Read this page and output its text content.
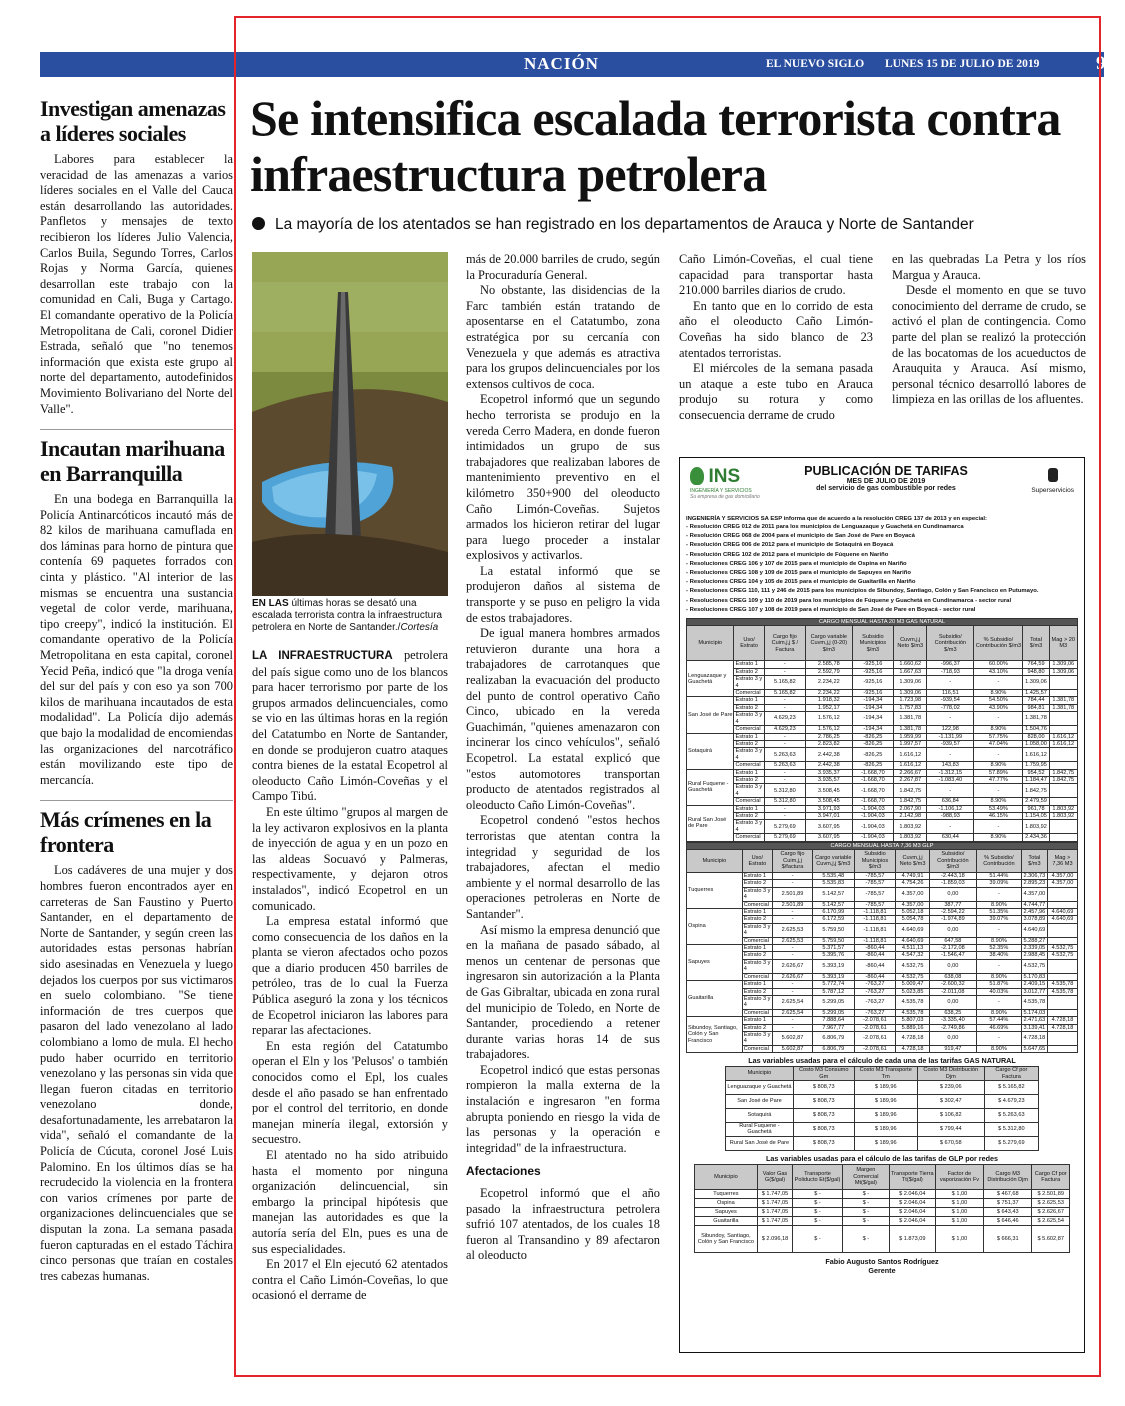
NACIÓN	EL NUEVO SIGLO LUNES 15 DE JULIO DE 2019	9B
Investigan amenazas a líderes sociales

Labores para establecer la veracidad de las amenazas a varios líderes sociales en el Valle del Cauca están desarrollando las autoridades. Panfletos y mensajes de texto recibieron los líderes Julio Valencia, Carlos Buila, Segundo Torres, Carlos Rojas y Norma García, quienes desarrollan este trabajo con la comunidad en Cali, Buga y Cartago. El comandante operativo de la Policía Metropolitana de Cali, coronel Didier Estrada, señaló que "no tenemos información que exista este grupo al norte del departamento, autodefinidos Movimiento Bolivariano del Norte del Valle".

Incautan marihuana en Barranquilla

En una bodega en Barranquilla la Policía Antinarcóticos incautó más de 82 kilos de marihuana camuflada en dos láminas para horno de pintura que contenía 69 paquetes forrados con cinta y plástico. "Al interior de las mismas se encuentra una sustancia vegetal de color verde, marihuana, tipo creepy", indicó la institución. El comandante operativo de la Policía Metropolitana en esta capital, coronel Yecid Peña, indicó que "la droga venía del sur del país y con eso ya son 700 kilos de marihuana incautados de esta modalidad". La Policía dijo además que bajo la modalidad de encomiendas las organizaciones del narcotráfico están movilizando este tipo de mercancía.

Más crímenes en la frontera

Los cadáveres de una mujer y dos hombres fueron encontrados ayer en carreteras de San Faustino y Puerto Santander, en el departamento de Norte de Santander, y según creen las autoridades estas personas habrían sido asesinadas en Venezuela y luego dejados los cuerpos por sus victimaros en suelo colombiano. "Se tiene información de tres cuerpos que pasaron del lado venezolano al lado colombiano a lomo de mula. El hecho pudo haber ocurrido en territorio venezolano y las personas sin vida que llegan fueron citadas en territorio venezolano donde, desafortunadamente, les arrebataron la vida", señaló el comandante de la Policía de Cúcuta, coronel José Luis Palomino. En los últimos días se ha recrudecido la violencia en la frontera con varios crímenes por parte de organizaciones delincuenciales que se disputan la zona. La semana pasada fueron capturadas en el estado Táchira cinco personas que traían en costales tres cabezas humanas.

Se intensifica escalada terrorista contra infraestructura petrolera
La mayoría de los atentados se han registrado en los departamentos de Arauca y Norte de Santander
EN LAS últimas horas se desató una escalada terrorista contra la infraestructura petrolera en Norte de Santander./Cortesía

LA INFRAESTRUCTURA petrolera del país sigue como uno de los blancos para hacer terrorismo por parte de los grupos armados delincuenciales, como se vio en las últimas horas en la región del Catatumbo en Norte de Santander, en donde se produjeron cuatro ataques contra bienes de la estatal Ecopetrol al oleoducto Caño Limón-Coveñas y el Campo Tibú.

En este último "grupos al margen de la ley activaron explosivos en la planta de inyección de agua y en un pozo en las aldeas Socuavó y Palmeras, respectivamente, y dejaron otros instalados", indicó Ecopetrol en un comunicado.

La empresa estatal informó que como consecuencia de los daños en la planta se vieron afectados ocho pozos que a diario producen 450 barriles de petróleo, tras de lo cual la Fuerza Pública aseguró la zona y los técnicos de Ecopetrol iniciaron las labores para reparar las afectaciones.

En esta región del Catatumbo operan el Eln y los 'Pelusos' o también conocidos como el Epl, los cuales desde el año pasado se han enfrentado por el control del territorio, en donde manejan minería ilegal, extorsión y secuestro.

El atentado no ha sido atribuido hasta el momento por ninguna organización delincuencial, sin embargo la principal hipótesis que manejan las autoridades es que la autoría sería del Eln, pues es una de sus especialidades.

En 2017 el Eln ejecutó 62 atentados contra el Caño Limón-Coveñas, lo que ocasionó el derrame de

más de 20.000 barriles de crudo, según la Procuraduría General.

No obstante, las disidencias de la Farc también están tratando de aposentarse en el Catatumbo, zona estratégica por su cercanía con Venezuela y que además es atractiva para los grupos delincuenciales por los extensos cultivos de coca.

Ecopetrol informó que un segundo hecho terrorista se produjo en la vereda Cerro Madera, en donde fueron intimidados un grupo de sus trabajadores que realizaban labores de mantenimiento preventivo en el kilómetro 350+900 del oleoducto Caño Limón-Coveñas. Sujetos armados los hicieron retirar del lugar para luego proceder a instalar explosivos y activarlos.

La estatal informó que se produjeron daños al sistema de transporte y se puso en peligro la vida de estos trabajadores.

De igual manera hombres armados retuvieron durante una hora a trabajadores de carrotanques que realizaban la evacuación del producto del punto de control operativo Caño Cinco, ubicado en la vereda Guachimán, "quienes amenazaron con incinerar los cinco vehículos", señaló Ecopetrol. La estatal explicó que "estos automotores transportan producto de atentados registrados al oleoducto Caño Limón-Coveñas".

Ecopetrol condenó "estos hechos terroristas que atentan contra la integridad y seguridad de los trabajadores, afectan el medio ambiente y el normal desarrollo de las operaciones petroleras en Norte de Santander".

Así mismo la empresa denunció que en la mañana de pasado sábado, al menos un centenar de personas que ingresaron sin autorización a la Planta de Gas Gibraltar, ubicada en zona rural del municipio de Toledo, en Norte de Santander, procediendo a retener durante varias horas 14 de sus trabajadores.

Ecopetrol indicó que estas personas rompieron la malla externa de la instalación e ingresaron "en forma abrupta poniendo en riesgo la vida de las personas y la operación e integridad" de la infraestructura.

Afectaciones

Ecopetrol informó que el año pasado la infraestructura petrolera sufrió 107 atentados, de los cuales 18 fueron al Transandino y 89 afectaron al oleoducto

Caño Limón-Coveñas, el cual tiene capacidad para transportar hasta 210.000 barriles diarios de crudo.

En tanto que en lo corrido de esta año el oleoducto Caño Limón-Coveñas ha sido blanco de 23 atentados terroristas.

El miércoles de la semana pasada un ataque a este tubo en Arauca produjo su rotura y como consecuencia derrame de crudo

en las quebradas La Petra y los ríos Margua y Arauca.

Desde el momento en que se tuvo conocimiento del derrame de crudo, se activó el plan de contingencia. Como parte del plan se realizó la protección de las bocatomas de los acueductos de Arauquita y Arauca. Así mismo, personal técnico desarrolló labores de limpieza en las orillas de los afluentes.

INS
INGENIERÍA Y SERVICIOS
Su empresa de gas domiciliario
PUBLICACIÓN DE TARIFAS
MES DE JULIO DE 2019
del servicio de gas combustible por redes	Superservicios
INGENIERÍA Y SERVICIOS SA ESP informa que de acuerdo a la resolución CREG 137 de 2013 y en especial:
- Resolución CREG 012 de 2011 para los municipios de Lenguazaque y Guachetá en Cundinamarca
- Resolución CREG 068 de 2004 para el municipio de San José de Pare en Boyacá
- Resolución CREG 006 de 2012 para el municipio de Sotaquirá en Boyacá
- Resolución CREG 102 de 2012 para el municipio de Fúquene en Nariño
- Resoluciones CREG 106 y 107 de 2015 para el municipio de Ospina en Nariño
- Resoluciones CREG 108 y 109 de 2015 para el municipio de Sapuyes en Nariño
- Resoluciones CREG 104 y 105 de 2015 para el municipio de Guaitarilla en Nariño
- Resoluciones CREG 110, 111 y 246 de 2015 para los municipios de Sibundoy, Santiago, Colón y San Francisco en Putumayo.
- Resoluciones CREG 109 y 110 de 2019 para los municipios de Fúquene y Guachetá en Cundinamarca - sector rural
- Resoluciones CREG 107 y 108 de 2019 para el municipio de San José de Pare en Boyacá - sector rural
CARGO MENSUAL HASTA 20 M3 GAS NATURAL									
Municipio	Uso/ Estrato	Cargo fijo Cuim,j,j $ / Factura	Cargo variable Cuvm,j,j (0-20) $/m3	Subsidio Municipios $/m3	Cuvm,j,j Neto $/m3	Subsidio/ Contribución $/m3	% Subsidio/ Contribución $/m3	Total $/m3	Mag > 20 M3
Lenguazaque y Guachetá	Estrato 1	-	2.585,78	-925,16	1.660,62	-996,37	60.00%	764,59	1.309,06
	Estrato 2	-	2.592,79	-925,16	1.667,63	-718,93	43.10%	948,80	1.309,06
	Estrato 3 y 4	5.165,82	2.234,22	-925,16	1.309,06	-	-	1.309,06	
	Comercial	5.165,82	2.234,22	-925,16	1.309,06	116,51	8.90%	1.425,57	
San José de Pare	Estrato 1	-	1.918,32	-194,34	1.723,98	-939,54	54.50%	784,44	1.381,78
	Estrato 2	-	1.952,17	-194,34	1.757,83	-778,02	43.90%	984,81	1.381,78
	Estrato 3 y 4	4.629,23	1.576,12	-194,34	1.381,78	-	-	1.381,78	
	Comercial	4.629,23	1.576,12	-194,34	1.381,78	122,98	8.90%	1.504,76	
Sotaquirá	Estrato 1	-	2.786,25	-826,25	1.959,99	-1.131,99	57.75%	828,00	1.616,12
	Estrato 2	-	2.823,82	-826,25	1.997,57	-939,57	47.04%	1.058,00	1.616,12
	Estrato 3 y 4	5.263,63	2.442,38	-826,25	1.616,12	-	-	1.616,12	
	Comercial	5.263,63	2.442,38	-826,25	1.616,12	143,83	8.90%	1.759,95	
Rural Fuquene - Guachetá	Estrato 1	-	3.935,37	-1.668,70	2.266,67	-1.312,15	57.89%	954,52	1.842,75
	Estrato 2	-	3.935,57	-1.668,70	2.267,87	-1.083,40	47.77%	1.184,47	1.842,75
	Estrato 3 y 4	5.312,80	3.508,45	-1.668,70	1.842,75	-	-	1.842,75	
	Comercial	5.312,80	3.508,45	-1.668,70	1.842,75	636,84	8.90%	2.479,59	
Rural San José de Pare	Estrato 1	-	3.971,93	-1.904,03	2.067,90	-1.106,12	53.49%	961,78	1.803,92
	Estrato 2	-	3.947,01	-1.904,03	2.142,98	-988,93	46.15%	1.154,05	1.803,92
	Estrato 3 y 4	5.279,69	3.607,95	-1.904,03	1.803,92	-	-	1.803,92	
	Comercial	5.279,69	3.607,95	-1.904,03	1.803,92	630,44	8.90%	2.434,36	
CARGO MENSUAL HASTA 7,36 M3 GLP									
Municipio	Uso/ Estrato	Cargo fijo Cuim,j,j $/factura	Cargo variable Cuvm,j,j $/m3	Subsidio Municipios $/m3	Cuvm,j,j Neto $/m3	Subsidio/ Contribución $/m3	% Subsidio/ Contribución	Total $/m3	Mag > 7,36 M3
Tuquerres	Estrato 1	-	5.535,48	-785,57	4.749,91	-2.443,18	51.44%	2.306,73	4.357,00
	Estrato 2	-	5.535,83	-785,57	4.754,26	-1.859,03	39.09%	2.895,23	4.357,00
	Estrato 3 y 4	2.501,89	5.142,57	-785,57	4.357,00	0,00	-	4.357,00	
	Comercial	2.501,89	5.142,57	-785,57	4.357,00	387,77	8.90%	4.744,77	
Ospina	Estrato 1	-	6.170,99	-1.118,81	5.052,18	-2.594,22	51.35%	2.457,96	4.640,69
	Estrato 2	-	6.172,59	-1.118,81	5.054,78	-1.974,89	39.07%	3.078,89	4.640,69
	Estrato 3 y 4	2.625,53	5.759,50	-1.118,81	4.640,69	0,00	-	4.640,69	
	Comercial	2.625,53	5.759,50	-1.118,81	4.640,69	647,58	8.90%	5.288,27	
Sapuyes	Estrato 1	-	5.371,57	-860,44	4.511,13	-2.172,08	52.35%	2.339,05	4.532,75
	Estrato 2	-	5.395,76	-860,44	4.547,32	-1.546,47	38.40%	2.988,45	4.532,75
	Estrato 3 y 4	2.626,67	5.393,19	-860,44	4.532,75	0,00	-	4.532,75	
	Comercial	2.626,67	5.393,19	-860,44	4.532,75	638,08	8.90%	5.170,83	
Guaitarilla	Estrato 1	-	5.772,74	-763,27	5.009,47	-2.600,32	51.87%	2.409,15	4.535,78
	Estrato 2	-	5.787,12	-763,27	5.023,85	-2.011,08	40.03%	3.012,77	4.535,78
	Estrato 3 y 4	2.625,54	5.299,05	-763,27	4.535,78	0,00	-	4.535,78	
	Comercial	2.625,54	5.299,05	-763,27	4.535,78	638,25	8.90%	5.174,03	
Sibundoy, Santiago, Colón y San Francisco	Estrato 1	-	7.888,64	-2.078,61	5.807,03	-3.335,40	57.44%	2.471,63	4.728,18
	Estrato 2	-	7.967,77	-2.078,61	5.889,16	-2.749,86	46.69%	3.139,41	4.728,18
	Estrato 3 y 4	5.602,87	6.806,79	-2.078,61	4.728,18	0,00	-	4.728,18	
	Comercial	5.602,87	6.806,79	-2.078,61	4.728,18	919,47	8.90%	5.647,65	
Las variables usadas para el cálculo de cada una de las tarifas GAS NATURAL
Municipio	Costo M3 Consumo Gm	Costo M3 Transporte Tm	Costo M3 Distribución Djm	Cargo Cf por Factura
Lenguazaque y Guachetá	$ 808,73	$ 189,96	$ 239,06	$ 5.165,82
San José de Pare	$ 808,73	$ 189,96	$ 302,47	$ 4.679,23
Sotaquirá	$ 808,73	$ 189,96	$ 106,82	$ 5.263,63
Rural Fuquene - Guachetá	$ 808,73	$ 189,96	$ 799,44	$ 5.312,80
Rural San José de Pare	$ 808,73	$ 189,96	$ 670,58	$ 5.279,69
Las variables usadas para el cálculo de las tarifas de GLP por redes
Municipio	Valor Gas G($/gal)	Transporte Poliducto Et($/gal)	Margen Comercial Mt($/gal)	Transporte Tierra Tt($/gal)	Factor de vaporización Fv	Cargo M3 Distribución Djm	Cargo Cf por Factura
Tuquerres	$ 1.747,05	$ -	$ -	$ 2.046,04	$ 1,00	$ 467,68	$ 2.501,89
Ospina	$ 1.747,05	$ -	$ -	$ 2.046,04	$ 1,00	$ 751,37	$ 2.625,53
Sapuyes	$ 1.747,05	$ -	$ -	$ 2.046,04	$ 1,00	$ 643,43	$ 2.626,67
Guaitarilla	$ 1.747,05	$ -	$ -	$ 2.046,04	$ 1,00	$ 646,46	$ 2.625,54
Sibundoy, Santiago, Colón y San Francisco	$ 2.096,18	$ -	$ -	$ 1.873,09	$ 1,00	$ 666,31	$ 5.602,87
Fabio Augusto Santos Rodríguez
Gerente
